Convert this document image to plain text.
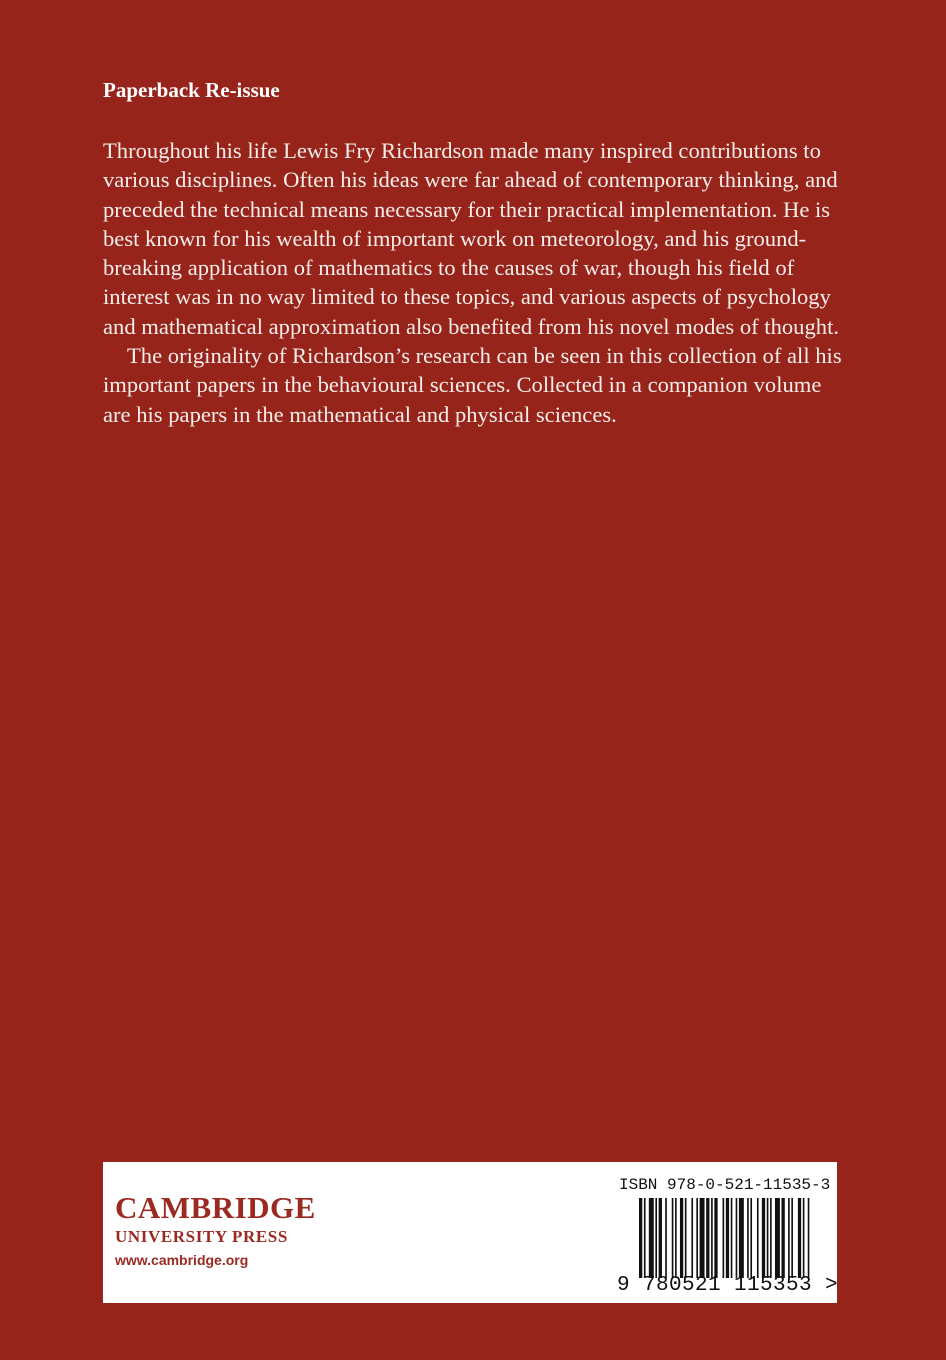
Paperback Re-issue

Throughout his life Lewis Fry Richardson made many inspired contributions to various disciplines. Often his ideas were far ahead of contemporary thinking, and preceded the technical means necessary for their practical implementation. He is best known for his wealth of important work on meteorology, and his ground-breaking application of mathematics to the causes of war, though his field of interest was in no way limited to these topics, and various aspects of psychology and mathematical approximation also benefited from his novel modes of thought.

The originality of Richardson’s research can be seen in this collection of all his important papers in the behavioural sciences. Collected in a companion volume are his papers in the mathematical and physical sciences.

CAMBRIDGE
UNIVERSITY PRESS
www.cambridge.org
ISBN 978-0-521-11535-3
9 780521 115353 >
